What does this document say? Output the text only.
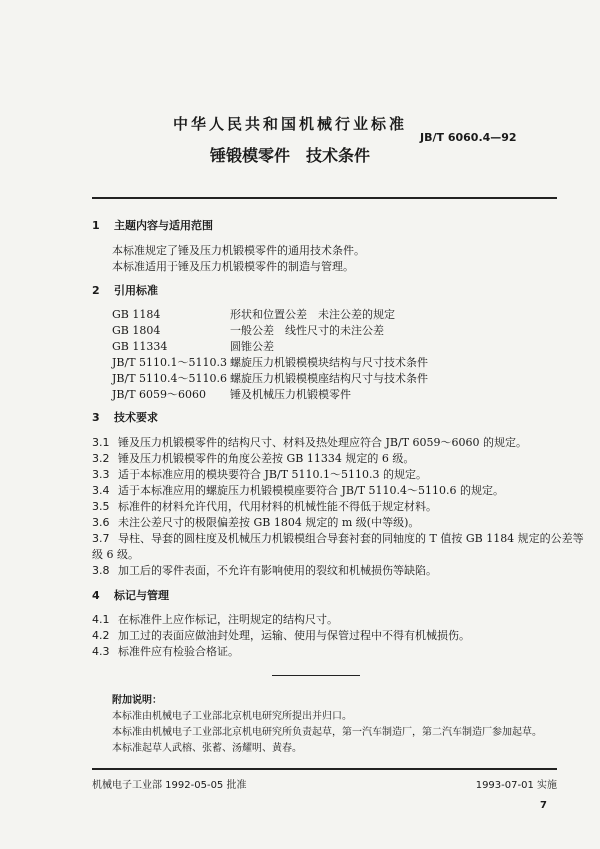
中华人民共和国机械行业标准
JB/T 6060.4—92
锤锻模零件　技术条件
1 主题内容与适用范围
本标准规定了锤及压力机锻模零件的通用技术条件。
本标准适用于锤及压力机锻模零件的制造与管理。
2 引用标准
GB 1184	形状和位置公差　未注公差的规定
GB 1804	一般公差　线性尺寸的未注公差
GB 11334	圆锥公差
JB/T 5110.1～5110.3 螺旋压力机锻模模块结构与尺寸技术条件
JB/T 5110.4～5110.6 螺旋压力机锻模模座结构尺寸与技术条件
JB/T 6059～6060 锤及机械压力机锻模零件
3 技术要求
3.1 锤及压力机锻模零件的结构尺寸、材料及热处理应符合 JB/T 6059～6060 的规定。
3.2 锤及压力机锻模零件的角度公差按 GB 11334 规定的 6 级。
3.3 适于本标准应用的模块要符合 JB/T 5110.1～5110.3 的规定。
3.4 适于本标准应用的螺旋压力机锻模模座要符合 JB/T 5110.4～5110.6 的规定。
3.5 标准件的材料允许代用，代用材料的机械性能不得低于规定材料。
3.6 未注公差尺寸的极限偏差按 GB 1804 规定的 m 级(中等级)。
3.7 导柱、导套的圆柱度及机械压力机锻模组合导套衬套的同轴度的 T 值按 GB 1184 规定的公差等
级 6 级。
3.8 加工后的零件表面，不允许有影响使用的裂纹和机械损伤等缺陷。
4 标记与管理
4.1 在标准件上应作标记，注明规定的结构尺寸。
4.2 加工过的表面应做油封处理，运输、使用与保管过程中不得有机械损伤。
4.3 标准件应有检验合格证。
附加说明：
本标准由机械电子工业部北京机电研究所提出并归口。
本标准由机械电子工业部北京机电研究所负责起草，第一汽车制造厂，第二汽车制造厂参加起草。
本标准起草人武榕、张蓄、汤耀明、黄春。
机械电子工业部 1992-05-05 批准	1993-07-01 实施
7
